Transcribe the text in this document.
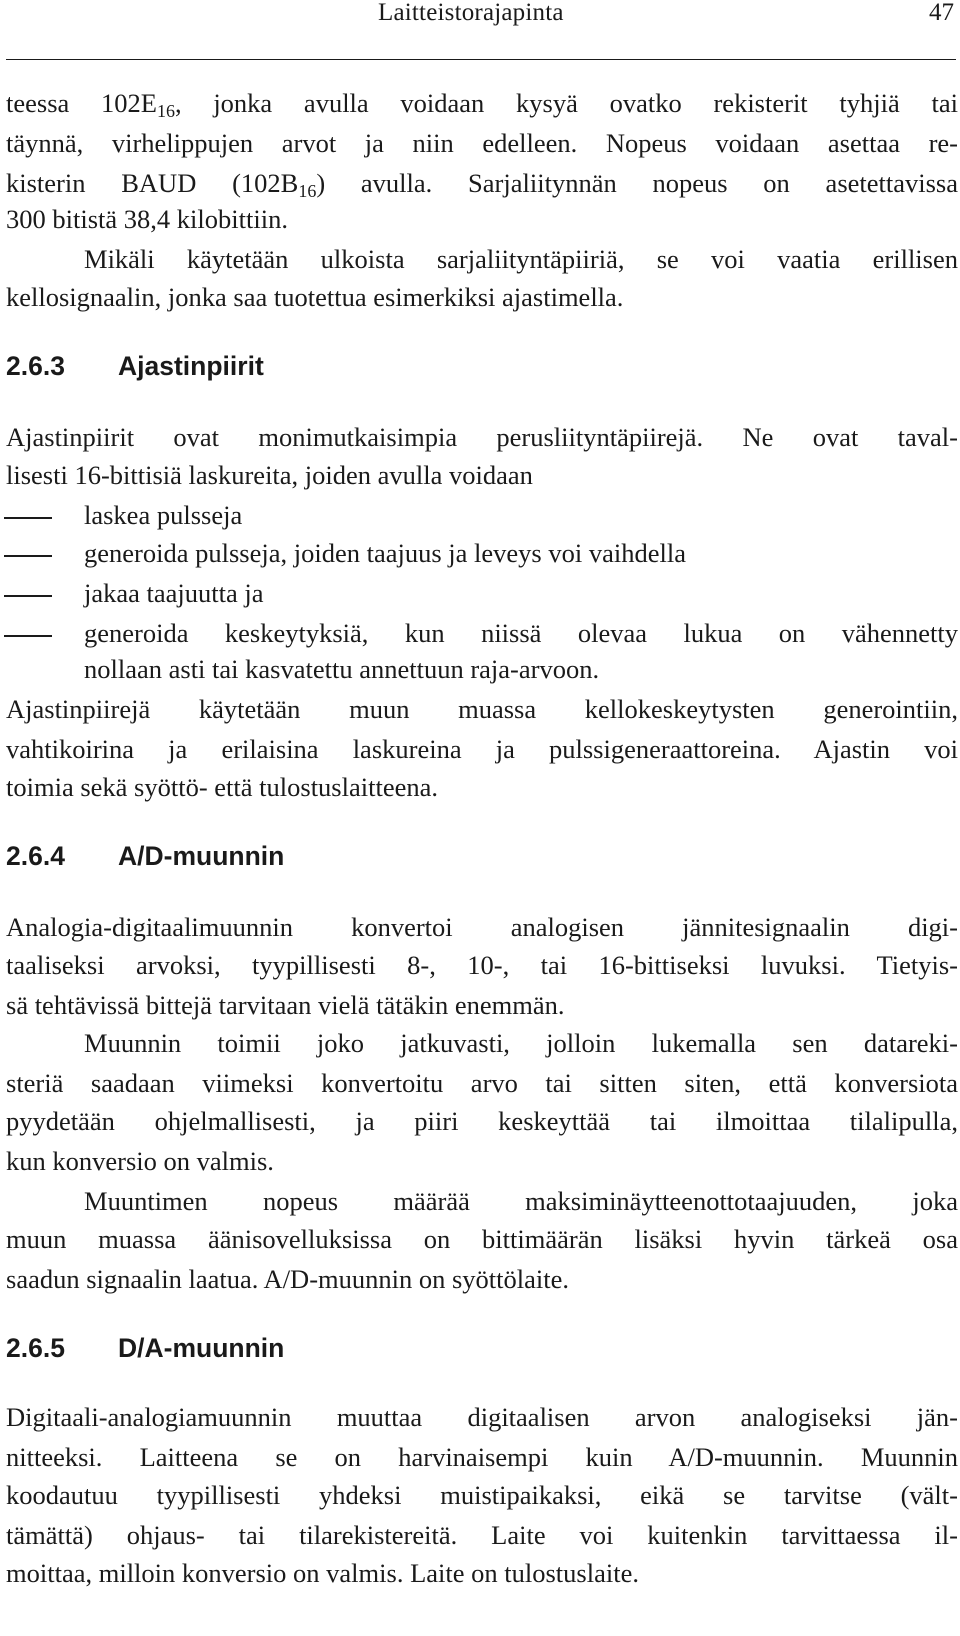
Laitteistorajapinta	47
teessa $102E_{16}$, jonka avulla voidaan kysyä ovatko rekisterit tyhjiä tai
täynnä, virhelippujen arvot ja niin edelleen. Nopeus voidaan asettaa re-
kisterin BAUD $(102B_{16})$ avulla. Sarjaliitynnän nopeus on asetettavissa
300 bitistä 38,4 kilobittiin.
Mikäli käytetään ulkoista sarjaliityntäpiiriä, se voi vaatia erillisen
kellosignaalin, jonka saa tuotettua esimerkiksi ajastimella.
2.6.3 Ajastinpiirit
Ajastinpiirit ovat monimutkaisimpia perusliityntäpiirejä. Ne ovat taval-
lisesti 16-bittisiä laskureita, joiden avulla voidaan
laskea pulsseja
generoida pulsseja, joiden taajuus ja leveys voi vaihdella
jakaa taajuutta ja
generoida keskeytyksiä, kun niissä olevaa lukua on vähennetty
nollaan asti tai kasvatettu annettuun raja-arvoon.
Ajastinpiirejä käytetään muun muassa kellokeskeytysten generointiin,
vahtikoirina ja erilaisina laskureina ja pulssigeneraattoreina. Ajastin voi
toimia sekä syöttö- että tulostuslaitteena.
2.6.4 A/D-muunnin
Analogia-digitaalimuunnin konvertoi analogisen jännitesignaalin digi-
taaliseksi arvoksi, tyypillisesti 8-, 10-, tai 16-bittiseksi luvuksi. Tietyis-
sä tehtävissä bittejä tarvitaan vielä tätäkin enemmän.
Muunnin toimii joko jatkuvasti, jolloin lukemalla sen datareki-
steriä saadaan viimeksi konvertoitu arvo tai sitten siten, että konversiota
pyydetään ohjelmallisesti, ja piiri keskeyttää tai ilmoittaa tilalipulla,
kun konversio on valmis.
Muuntimen nopeus määrää maksiminäytteenottotaajuuden, joka
muun muassa äänisovelluksissa on bittimäärän lisäksi hyvin tärkeä osa
saadun signaalin laatua. A/D-muunnin on syöttölaite.
2.6.5 D/A-muunnin
Digitaali-analogiamuunnin muuttaa digitaalisen arvon analogiseksi jän-
nitteeksi. Laitteena se on harvinaisempi kuin A/D-muunnin. Muunnin
koodautuu tyypillisesti yhdeksi muistipaikaksi, eikä se tarvitse (vält-
tämättä) ohjaus- tai tilarekistereitä. Laite voi kuitenkin tarvittaessa il-
moittaa, milloin konversio on valmis. Laite on tulostuslaite.
